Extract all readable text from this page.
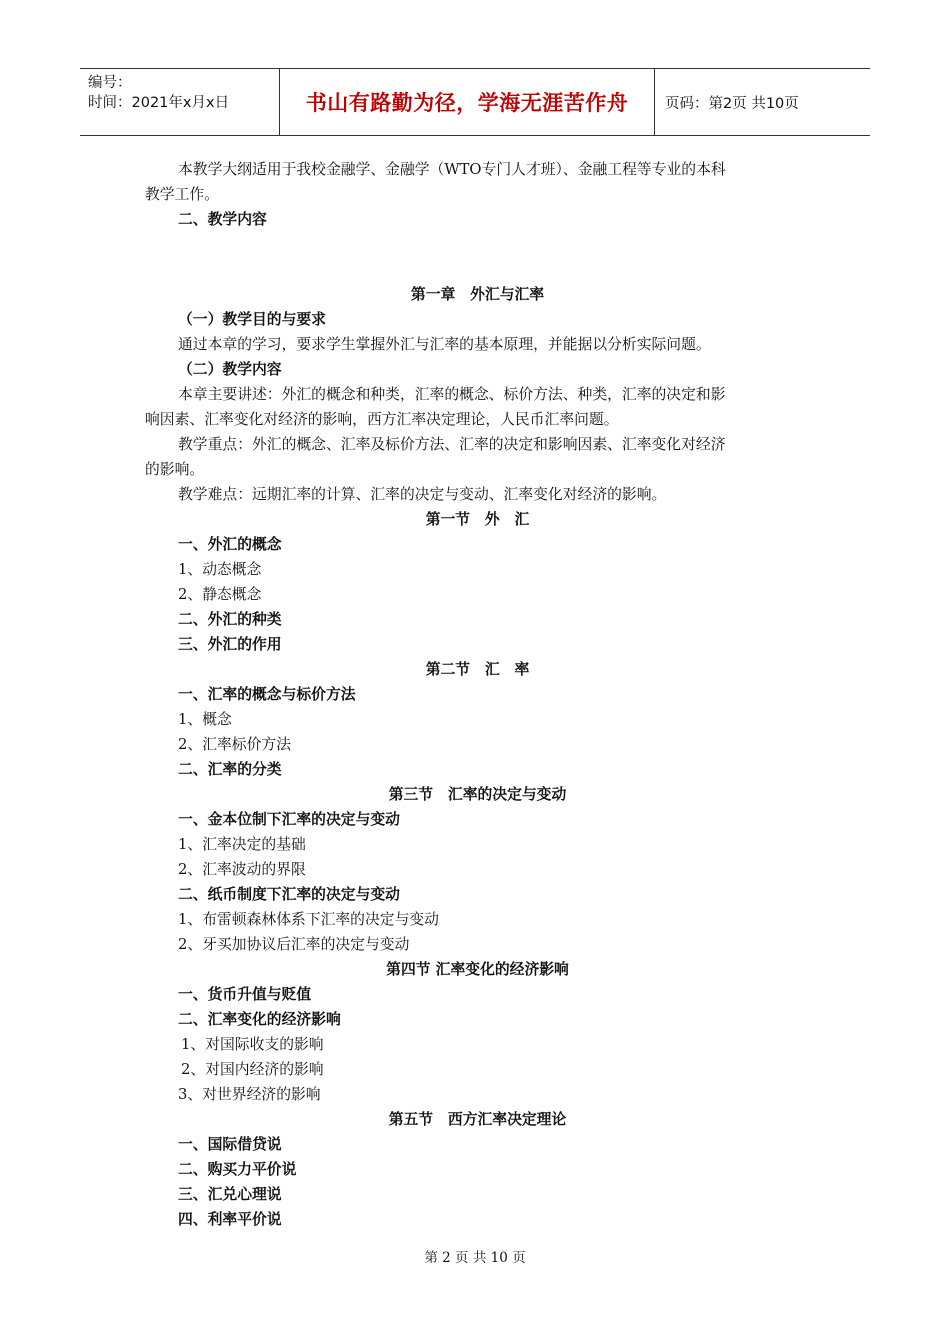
编号：
时间：2021年x月x日	书山有路勤为径，学海无涯苦作舟	页码：第2页 共10页
本教学大纲适用于我校金融学、金融学（WTO专门人才班）、金融工程等专业的本科
教学工作。
二、教学内容
第一章　外汇与汇率
（一）教学目的与要求
通过本章的学习，要求学生掌握外汇与汇率的基本原理，并能据以分析实际问题。
（二）教学内容
本章主要讲述：外汇的概念和种类，汇率的概念、标价方法、种类，汇率的决定和影
响因素、汇率变化对经济的影响，西方汇率决定理论，人民币汇率问题。
教学重点：外汇的概念、汇率及标价方法、汇率的决定和影响因素、汇率变化对经济
的影响。
教学难点：远期汇率的计算、汇率的决定与变动、汇率变化对经济的影响。
第一节　外　汇
一、外汇的概念
1、动态概念
2、静态概念
二、外汇的种类
三、外汇的作用
第二节　汇　率
一、汇率的概念与标价方法
1、概念
2、汇率标价方法
二、汇率的分类
第三节　汇率的决定与变动
一、金本位制下汇率的决定与变动
1、汇率决定的基础
2、汇率波动的界限
二、纸币制度下汇率的决定与变动
1、布雷顿森林体系下汇率的决定与变动
2、牙买加协议后汇率的决定与变动
第四节 汇率变化的经济影响
一、货币升值与贬值
二、汇率变化的经济影响
1、对国际收支的影响
2、对国内经济的影响
3、对世界经济的影响
第五节　西方汇率决定理论
一、国际借贷说
二、购买力平价说
三、汇兑心理说
四、利率平价说
第 2 页 共 10 页
